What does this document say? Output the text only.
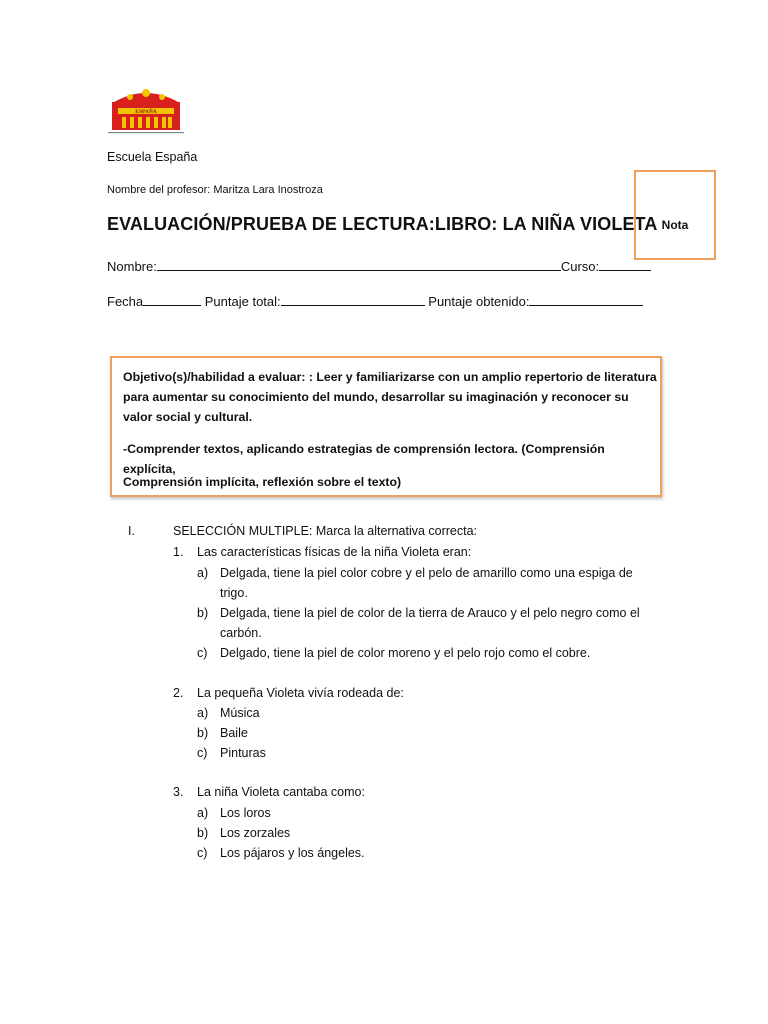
ESPAÑA
Escuela España
Nombre del profesor: Maritza Lara Inostroza
EVALUACIÓN/PRUEBA DE LECTURA:LIBRO: LA NIÑA VIOLETA Nota
Nombre:	Curso:
Fecha	Puntaje total:	Puntaje obtenido:
Objetivo(s)/habilidad a evaluar: : Leer y familiarizarse con un amplio repertorio de literatura para aumentar su conocimiento del mundo, desarrollar su imaginación y reconocer su valor social y cultural.
-Comprender textos, aplicando estrategias de comprensión lectora. (Comprensión explícita,
Comprensión implícita, reflexión sobre el texto)
I.	SELECCIÓN MULTIPLE: Marca la alternativa correcta:
1. Las características físicas de la niña Violeta eran:
a) Delgada, tiene la piel color cobre y el pelo de amarillo como una espiga de trigo.
b) Delgada, tiene la piel de color de la tierra de Arauco y el pelo negro como el carbón.
c) Delgado, tiene la piel de color moreno y el pelo rojo como el cobre.
2. La pequeña Violeta vivía rodeada de:
a) Música
b) Baile
c) Pinturas
3. La niña Violeta cantaba como:
a) Los loros
b) Los zorzales
c) Los pájaros y los ángeles.
